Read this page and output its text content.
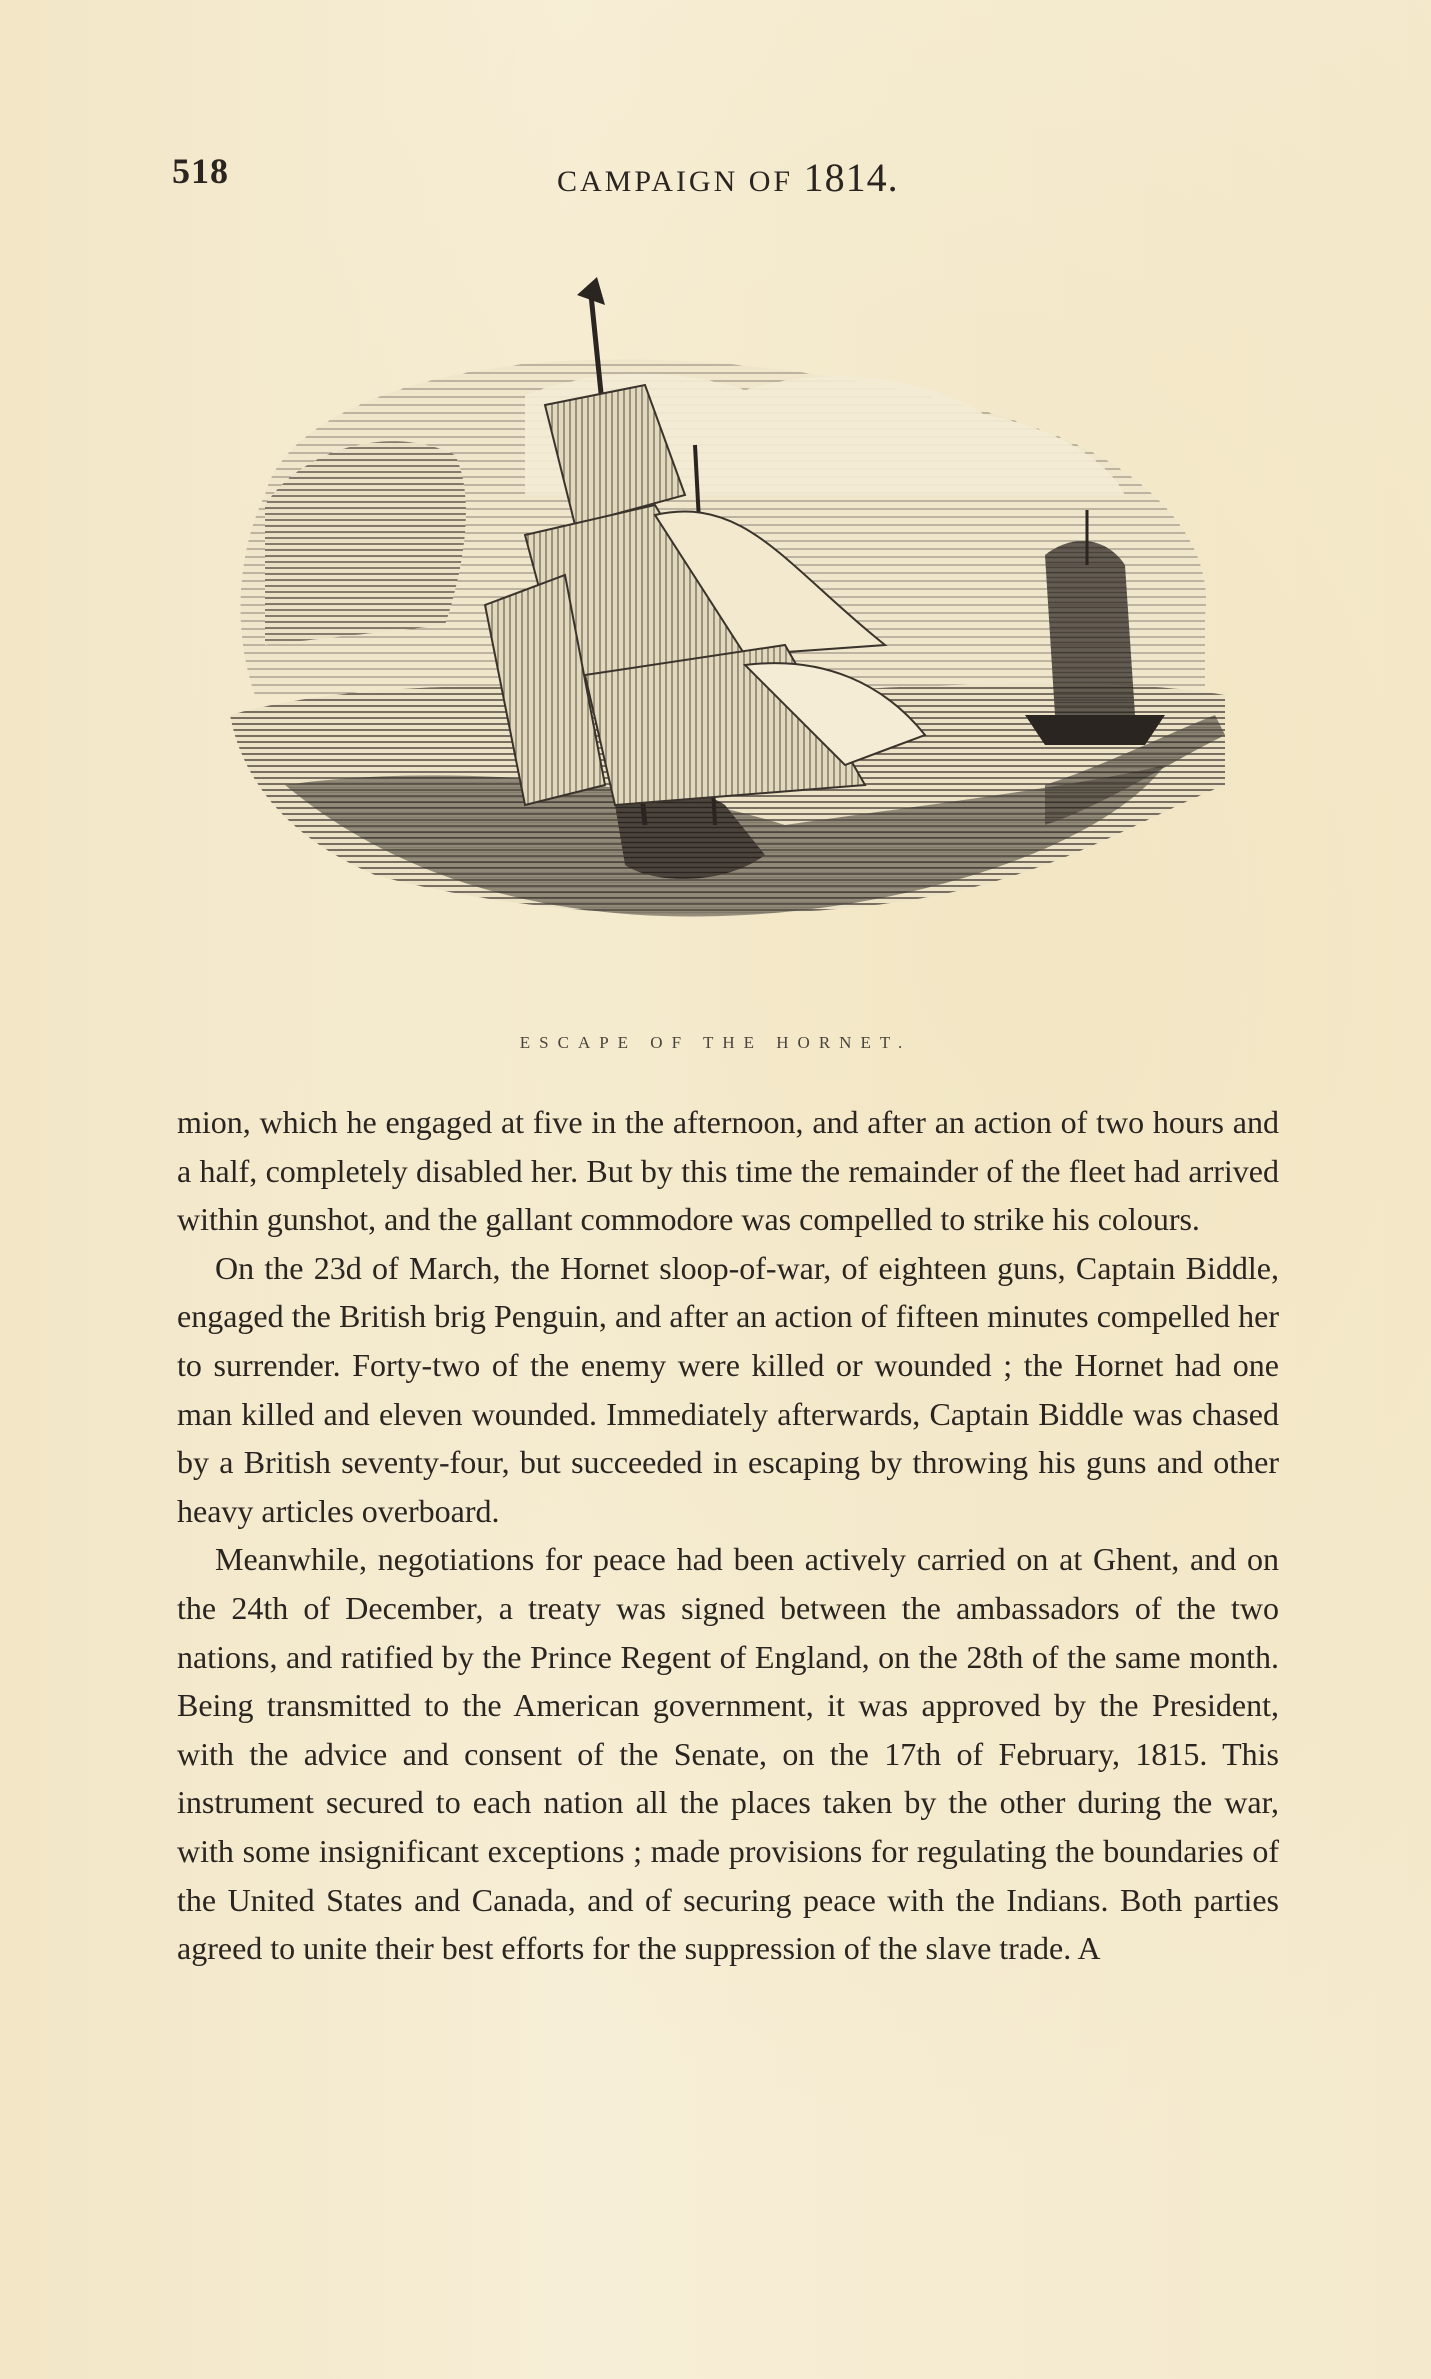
518	CAMPAIGN OF 1814.
ESCAPE OF THE HORNET.

mion, which he engaged at five in the afternoon, and after an action of two hours and a half, completely disabled her. But by this time the remainder of the fleet had arrived within gunshot, and the gallant commodore was compelled to strike his colours.

On the 23d of March, the Hornet sloop-of-war, of eighteen guns, Captain Biddle, engaged the British brig Penguin, and after an action of fifteen minutes compelled her to surrender. Forty-two of the enemy were killed or wounded ; the Hornet had one man killed and eleven wounded. Immediately afterwards, Captain Biddle was chased by a British seventy-four, but succeeded in escaping by throwing his guns and other heavy articles overboard.

Meanwhile, negotiations for peace had been actively carried on at Ghent, and on the 24th of December, a treaty was signed between the ambassadors of the two nations, and ratified by the Prince Regent of England, on the 28th of the same month. Being transmitted to the American government, it was approved by the President, with the advice and consent of the Senate, on the 17th of February, 1815. This instrument secured to each nation all the places taken by the other during the war, with some insignificant exceptions ; made provisions for regulating the boundaries of the United States and Canada, and of securing peace with the Indians. Both parties agreed to unite their best efforts for the suppression of the slave trade. A
